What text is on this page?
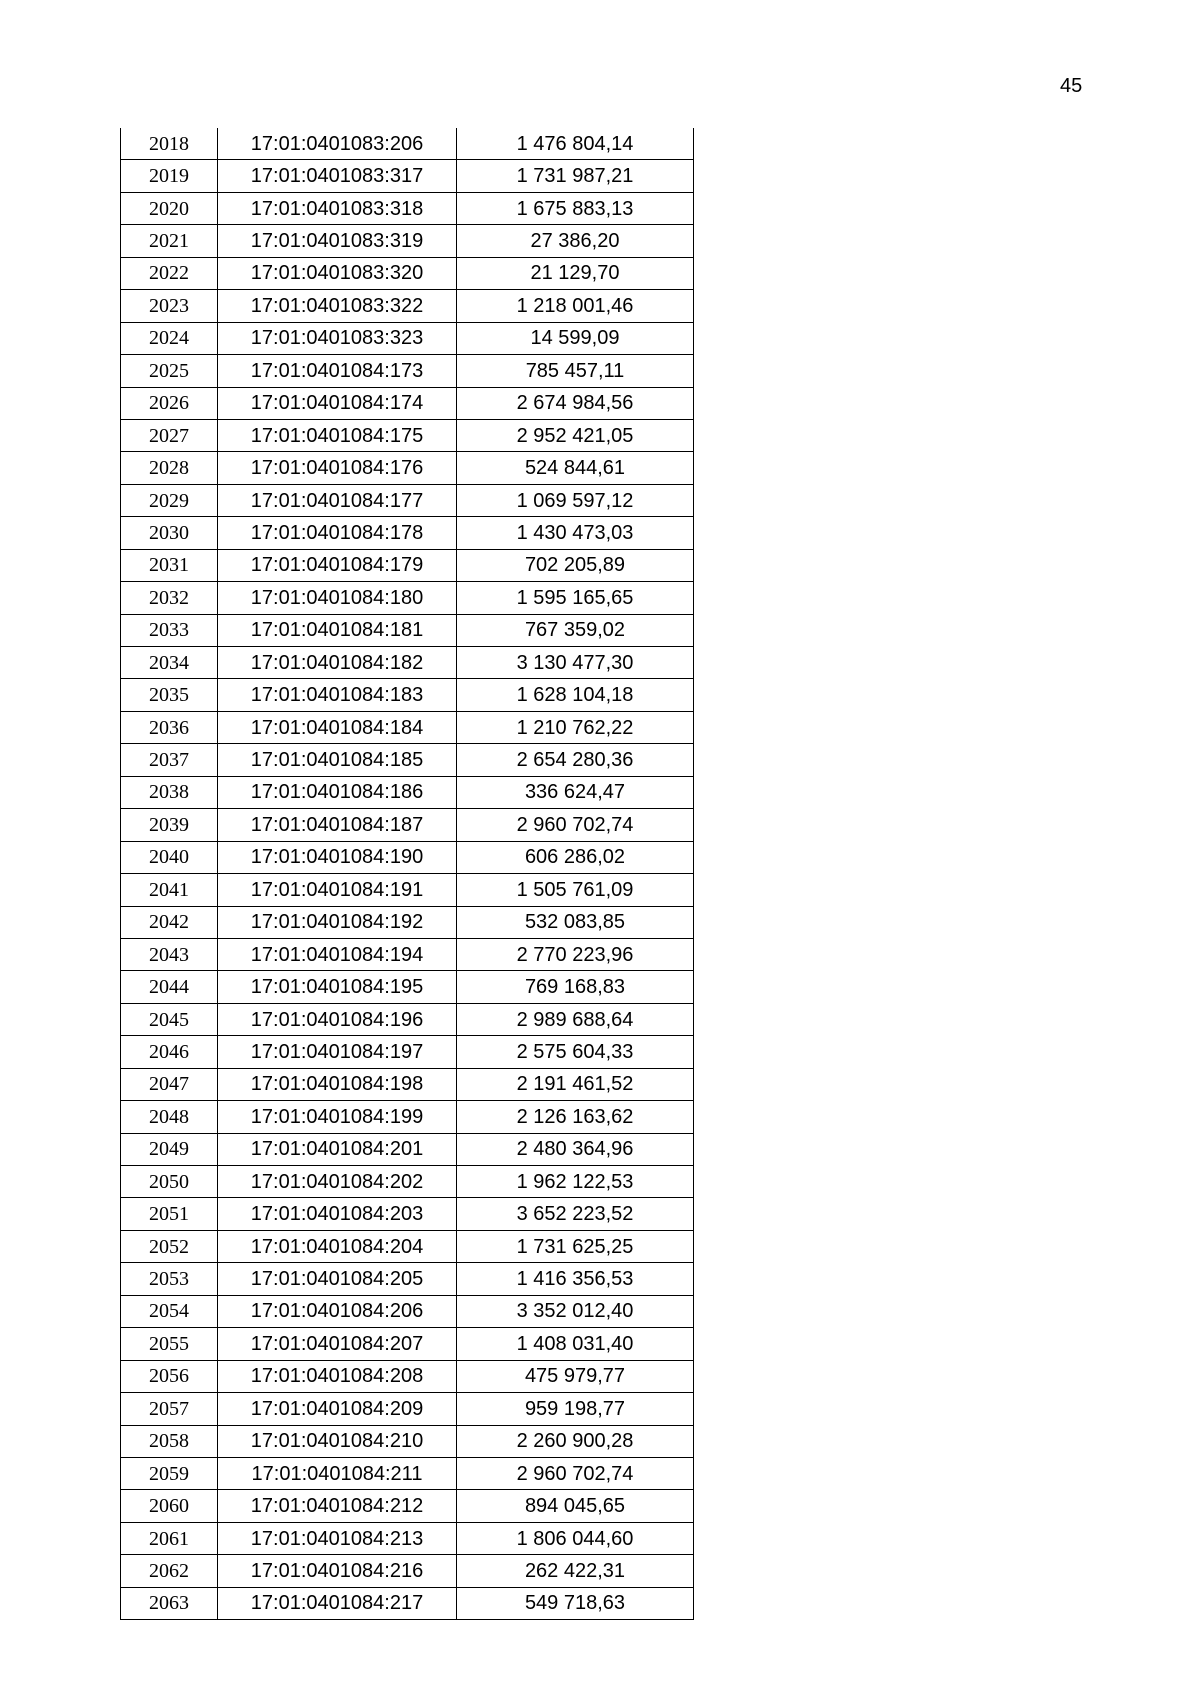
45
2018	17:01:0401083:206	1 476 804,14
2019	17:01:0401083:317	1 731 987,21
2020	17:01:0401083:318	1 675 883,13
2021	17:01:0401083:319	27 386,20
2022	17:01:0401083:320	21 129,70
2023	17:01:0401083:322	1 218 001,46
2024	17:01:0401083:323	14 599,09
2025	17:01:0401084:173	785 457,11
2026	17:01:0401084:174	2 674 984,56
2027	17:01:0401084:175	2 952 421,05
2028	17:01:0401084:176	524 844,61
2029	17:01:0401084:177	1 069 597,12
2030	17:01:0401084:178	1 430 473,03
2031	17:01:0401084:179	702 205,89
2032	17:01:0401084:180	1 595 165,65
2033	17:01:0401084:181	767 359,02
2034	17:01:0401084:182	3 130 477,30
2035	17:01:0401084:183	1 628 104,18
2036	17:01:0401084:184	1 210 762,22
2037	17:01:0401084:185	2 654 280,36
2038	17:01:0401084:186	336 624,47
2039	17:01:0401084:187	2 960 702,74
2040	17:01:0401084:190	606 286,02
2041	17:01:0401084:191	1 505 761,09
2042	17:01:0401084:192	532 083,85
2043	17:01:0401084:194	2 770 223,96
2044	17:01:0401084:195	769 168,83
2045	17:01:0401084:196	2 989 688,64
2046	17:01:0401084:197	2 575 604,33
2047	17:01:0401084:198	2 191 461,52
2048	17:01:0401084:199	2 126 163,62
2049	17:01:0401084:201	2 480 364,96
2050	17:01:0401084:202	1 962 122,53
2051	17:01:0401084:203	3 652 223,52
2052	17:01:0401084:204	1 731 625,25
2053	17:01:0401084:205	1 416 356,53
2054	17:01:0401084:206	3 352 012,40
2055	17:01:0401084:207	1 408 031,40
2056	17:01:0401084:208	475 979,77
2057	17:01:0401084:209	959 198,77
2058	17:01:0401084:210	2 260 900,28
2059	17:01:0401084:211	2 960 702,74
2060	17:01:0401084:212	894 045,65
2061	17:01:0401084:213	1 806 044,60
2062	17:01:0401084:216	262 422,31
2063	17:01:0401084:217	549 718,63
